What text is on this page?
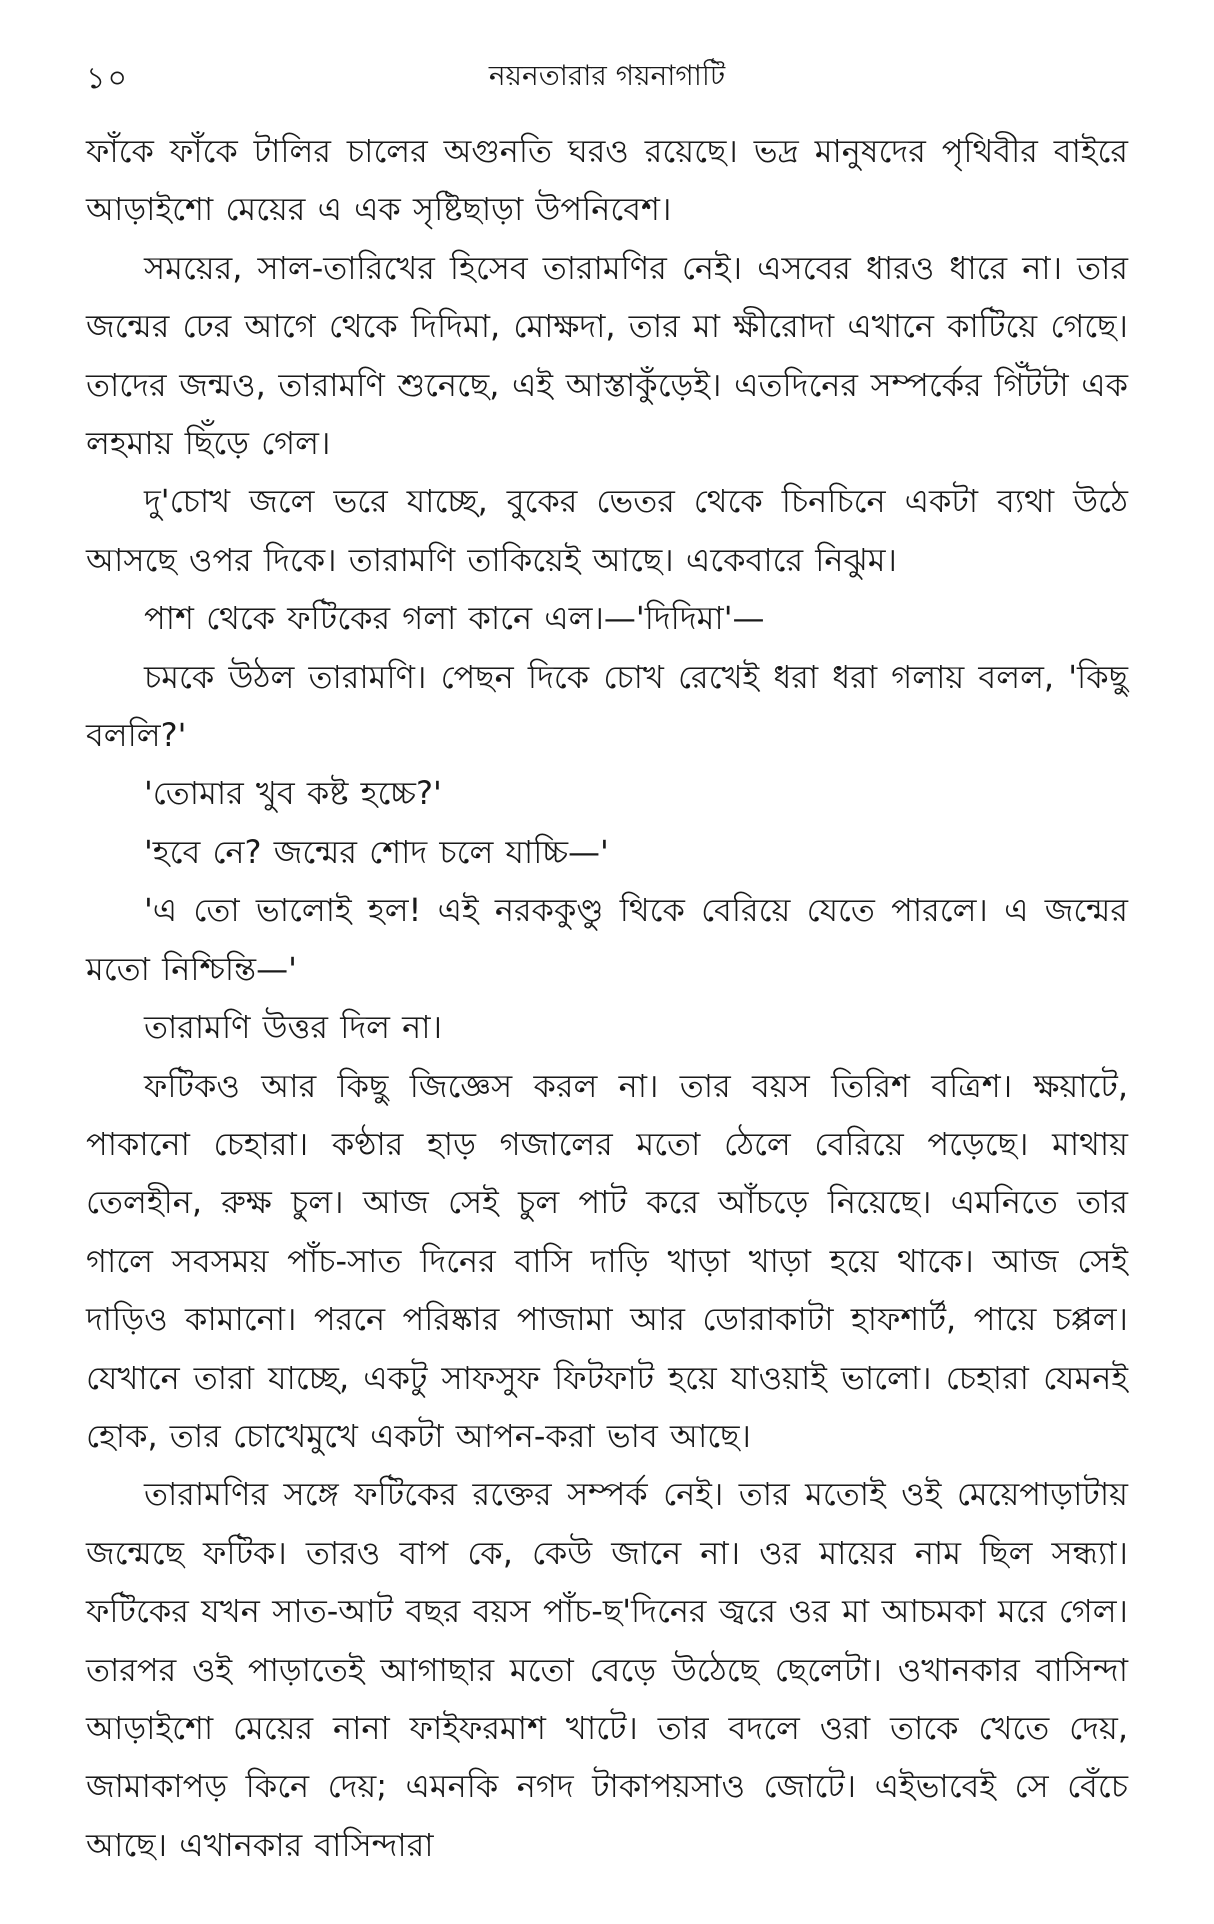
১০	নয়নতারার গয়নাগাটি

ফাঁকে ফাঁকে টালির চালের অগুনতি ঘরও রয়েছে। ভদ্র মানুষদের পৃথিবীর বাইরে আড়াইশো মেয়ের এ এক সৃষ্টিছাড়া উপনিবেশ।

সময়ের, সাল-তারিখের হিসেব তারামণির নেই। এসবের ধারও ধারে না। তার জন্মের ঢের আগে থেকে দিদিমা, মোক্ষদা, তার মা ক্ষীরোদা এখানে কাটিয়ে গেছে। তাদের জন্মও, তারামণি শুনেছে, এই আস্তাকুঁড়েই। এতদিনের সম্পর্কের গিঁটটা এক লহমায় ছিঁড়ে গেল।

দু'চোখ জলে ভরে যাচ্ছে, বুকের ভেতর থেকে চিনচিনে একটা ব্যথা উঠে আসছে ওপর দিকে। তারামণি তাকিয়েই আছে। একেবারে নিঝুম।

পাশ থেকে ফটিকের গলা কানে এল।—'দিদিমা'—

চমকে উঠল তারামণি। পেছন দিকে চোখ রেখেই ধরা ধরা গলায় বলল, 'কিছু বললি?'

'তোমার খুব কষ্ট হচ্চে?'

'হবে নে? জন্মের শোদ চলে যাচ্চি—'

'এ তো ভালোই হল! এই নরককুণ্ডু থিকে বেরিয়ে যেতে পারলে। এ জন্মের মতো নিশ্চিন্তি—'

তারামণি উত্তর দিল না।

ফটিকও আর কিছু জিজ্ঞেস করল না। তার বয়স তিরিশ বত্রিশ। ক্ষয়াটে, পাকানো চেহারা। কণ্ঠার হাড় গজালের মতো ঠেলে বেরিয়ে পড়েছে। মাথায় তেলহীন, রুক্ষ চুল। আজ সেই চুল পাট করে আঁচড়ে নিয়েছে। এমনিতে তার গালে সবসময় পাঁচ-সাত দিনের বাসি দাড়ি খাড়া খাড়া হয়ে থাকে। আজ সেই দাড়িও কামানো। পরনে পরিষ্কার পাজামা আর ডোরাকাটা হাফশার্ট, পায়ে চপ্পল। যেখানে তারা যাচ্ছে, একটু সাফসুফ ফিটফাট হয়ে যাওয়াই ভালো। চেহারা যেমনই হোক, তার চোখেমুখে একটা আপন-করা ভাব আছে।

তারামণির সঙ্গে ফটিকের রক্তের সম্পর্ক নেই। তার মতোই ওই মেয়েপাড়াটায় জন্মেছে ফটিক। তারও বাপ কে, কেউ জানে না। ওর মায়ের নাম ছিল সন্ধ্যা। ফটিকের যখন সাত-আট বছর বয়স পাঁচ-ছ'দিনের জ্বরে ওর মা আচমকা মরে গেল। তারপর ওই পাড়াতেই আগাছার মতো বেড়ে উঠেছে ছেলেটা। ওখানকার বাসিন্দা আড়াইশো মেয়ের নানা ফাইফরমাশ খাটে। তার বদলে ওরা তাকে খেতে দেয়, জামাকাপড় কিনে দেয়; এমনকি নগদ টাকাপয়সাও জোটে। এইভাবেই সে বেঁচে আছে। এখানকার বাসিন্দারা
